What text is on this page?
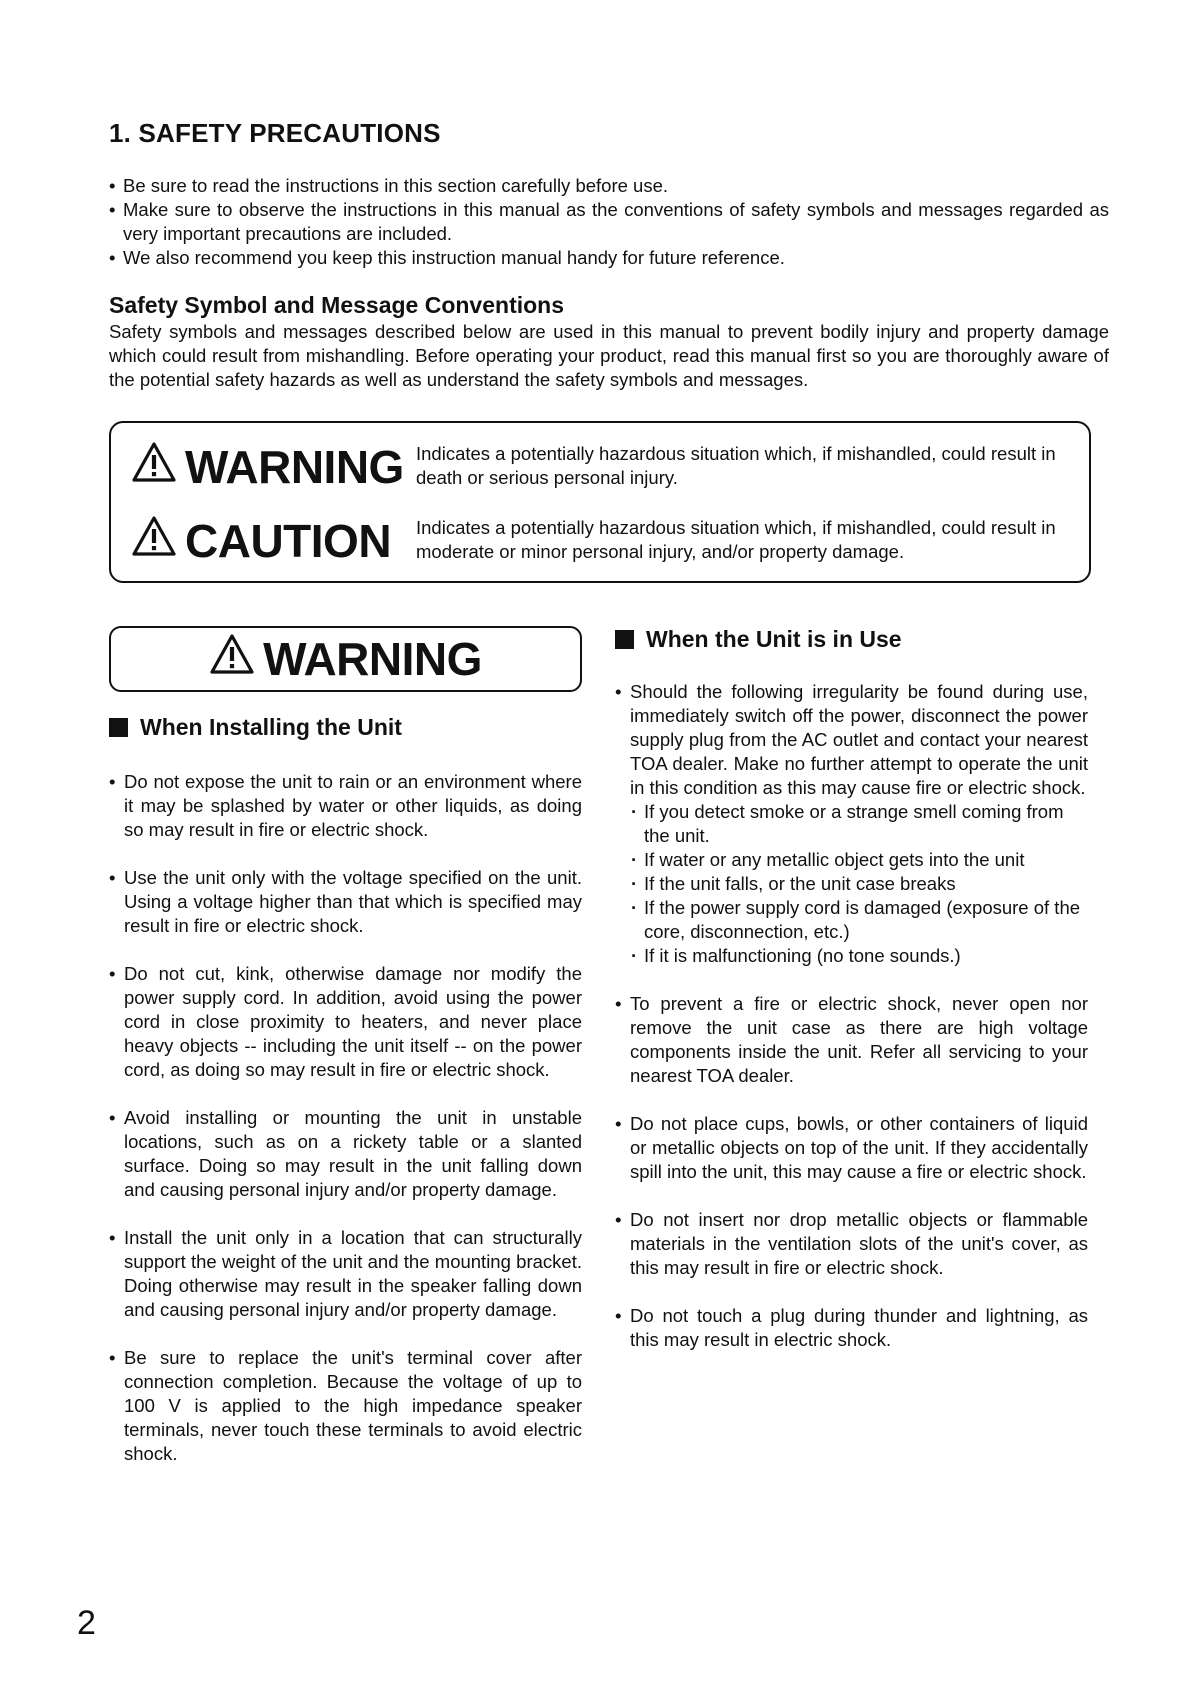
1. SAFETY PRECAUTIONS
• Be sure to read the instructions in this section carefully before use.
• Make sure to observe the instructions in this manual as the conventions of safety symbols and messages regarded as very important precautions are included.
• We also recommend you keep this instruction manual handy for future reference.
Safety Symbol and Message Conventions

Safety symbols and messages described below are used in this manual to prevent bodily injury and property damage which could result from mishandling. Before operating your product, read this manual first so you are thoroughly aware of the potential safety hazards as well as understand the safety symbols and messages.

WARNING Indicates a potentially hazardous situation which, if mishandled, could result in death or serious personal injury.
CAUTION Indicates a potentially hazardous situation which, if mishandled, could result in moderate or minor personal injury, and/or property damage.
WARNING
When Installing the Unit
• Do not expose the unit to rain or an environment where it may be splashed by water or other liquids, as doing so may result in fire or electric shock.
• Use the unit only with the voltage specified on the unit. Using a voltage higher than that which is specified may result in fire or electric shock.
• Do not cut, kink, otherwise damage nor modify the power supply cord. In addition, avoid using the power cord in close proximity to heaters, and never place heavy objects -- including the unit itself -- on the power cord, as doing so may result in fire or electric shock.
• Avoid installing or mounting the unit in unstable locations, such as on a rickety table or a slanted surface. Doing so may result in the unit falling down and causing personal injury and/or property damage.
• Install the unit only in a location that can structurally support the weight of the unit and the mounting bracket. Doing otherwise may result in the speaker falling down and causing personal injury and/or property damage.
• Be sure to replace the unit's terminal cover after connection completion. Because the voltage of up to 100 V is applied to the high impedance speaker terminals, never touch these terminals to avoid electric shock.
When the Unit is in Use
• Should the following irregularity be found during use, immediately switch off the power, disconnect the power supply plug from the AC outlet and contact your nearest TOA dealer. Make no further attempt to operate the unit in this condition as this may cause fire or electric shock.
· If you detect smoke or a strange smell coming from the unit.
· If water or any metallic object gets into the unit
· If the unit falls, or the unit case breaks
· If the power supply cord is damaged (exposure of the core, disconnection, etc.)
· If it is malfunctioning (no tone sounds.)
• To prevent a fire or electric shock, never open nor remove the unit case as there are high voltage components inside the unit. Refer all servicing to your nearest TOA dealer.
• Do not place cups, bowls, or other containers of liquid or metallic objects on top of the unit. If they accidentally spill into the unit, this may cause a fire or electric shock.
• Do not insert nor drop metallic objects or flammable materials in the ventilation slots of the unit's cover, as this may result in fire or electric shock.
• Do not touch a plug during thunder and lightning, as this may result in electric shock.
2
